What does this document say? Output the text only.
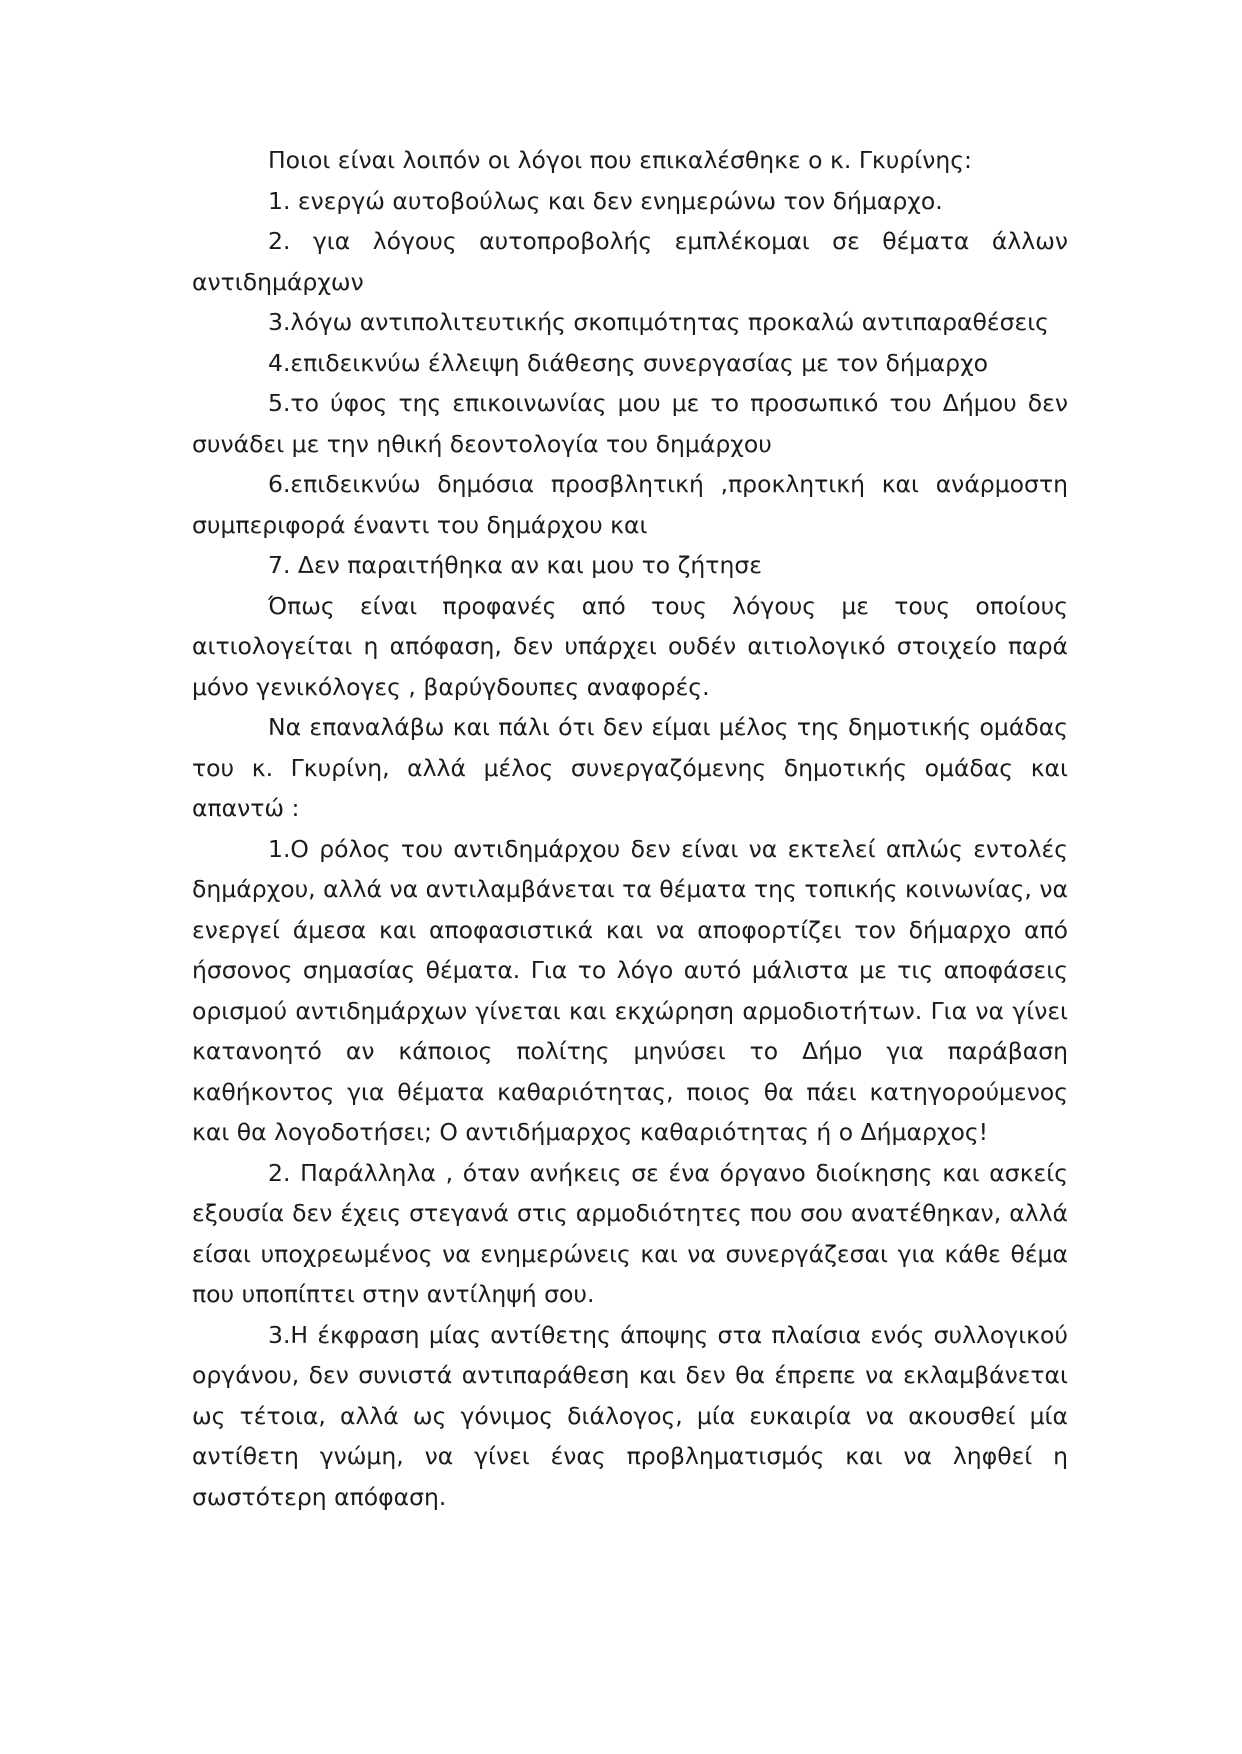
Ποιοι είναι λοιπόν οι λόγοι που επικαλέσθηκε ο κ. Γκυρίνης:

1. ενεργώ αυτοβούλως και δεν ενημερώνω τον δήμαρχο.

2. για λόγους αυτοπροβολής εμπλέκομαι σε θέματα άλλων αντιδημάρχων

3.λόγω αντιπολιτευτικής σκοπιμότητας προκαλώ αντιπαραθέσεις

4.επιδεικνύω έλλειψη διάθεσης συνεργασίας με τον δήμαρχο

5.το ύφος της επικοινωνίας μου με το προσωπικό του Δήμου δεν συνάδει με την ηθική δεοντολογία του δημάρχου

6.επιδεικνύω δημόσια προσβλητική ,προκλητική και ανάρμοστη συμπεριφορά έναντι του δημάρχου και

7. Δεν παραιτήθηκα αν και μου το ζήτησε

Όπως είναι προφανές από τους λόγους με τους οποίους αιτιολογείται η απόφαση, δεν υπάρχει ουδέν αιτιολογικό στοιχείο παρά μόνο γενικόλογες , βαρύγδουπες αναφορές.

Να επαναλάβω και πάλι ότι δεν είμαι μέλος της δημοτικής ομάδας του κ. Γκυρίνη, αλλά μέλος συνεργαζόμενης δημοτικής ομάδας και απαντώ :

1.Ο ρόλος του αντιδημάρχου δεν είναι να εκτελεί απλώς εντολές δημάρχου, αλλά να αντιλαμβάνεται τα θέματα της τοπικής κοινωνίας, να ενεργεί άμεσα και αποφασιστικά και να αποφορτίζει τον δήμαρχο από ήσσονος σημασίας θέματα. Για το λόγο αυτό μάλιστα με τις αποφάσεις ορισμού αντιδημάρχων γίνεται και εκχώρηση αρμοδιοτήτων. Για να γίνει κατανοητό αν κάποιος πολίτης μηνύσει το Δήμο για παράβαση καθήκοντος για θέματα καθαριότητας, ποιος θα πάει κατηγορούμενος και θα λογοδοτήσει; Ο αντιδήμαρχος καθαριότητας ή ο Δήμαρχος!

2. Παράλληλα , όταν ανήκεις σε ένα όργανο διοίκησης και ασκείς εξουσία δεν έχεις στεγανά στις αρμοδιότητες που σου ανατέθηκαν, αλλά είσαι υποχρεωμένος να ενημερώνεις και να συνεργάζεσαι για κάθε θέμα που υποπίπτει στην αντίληψή σου.

3.Η έκφραση μίας αντίθετης άποψης στα πλαίσια ενός συλλογικού οργάνου, δεν συνιστά αντιπαράθεση και δεν θα έπρεπε να εκλαμβάνεται ως τέτοια, αλλά ως γόνιμος διάλογος, μία ευκαιρία να ακουσθεί μία αντίθετη γνώμη, να γίνει ένας προβληματισμός και να ληφθεί η σωστότερη απόφαση.
